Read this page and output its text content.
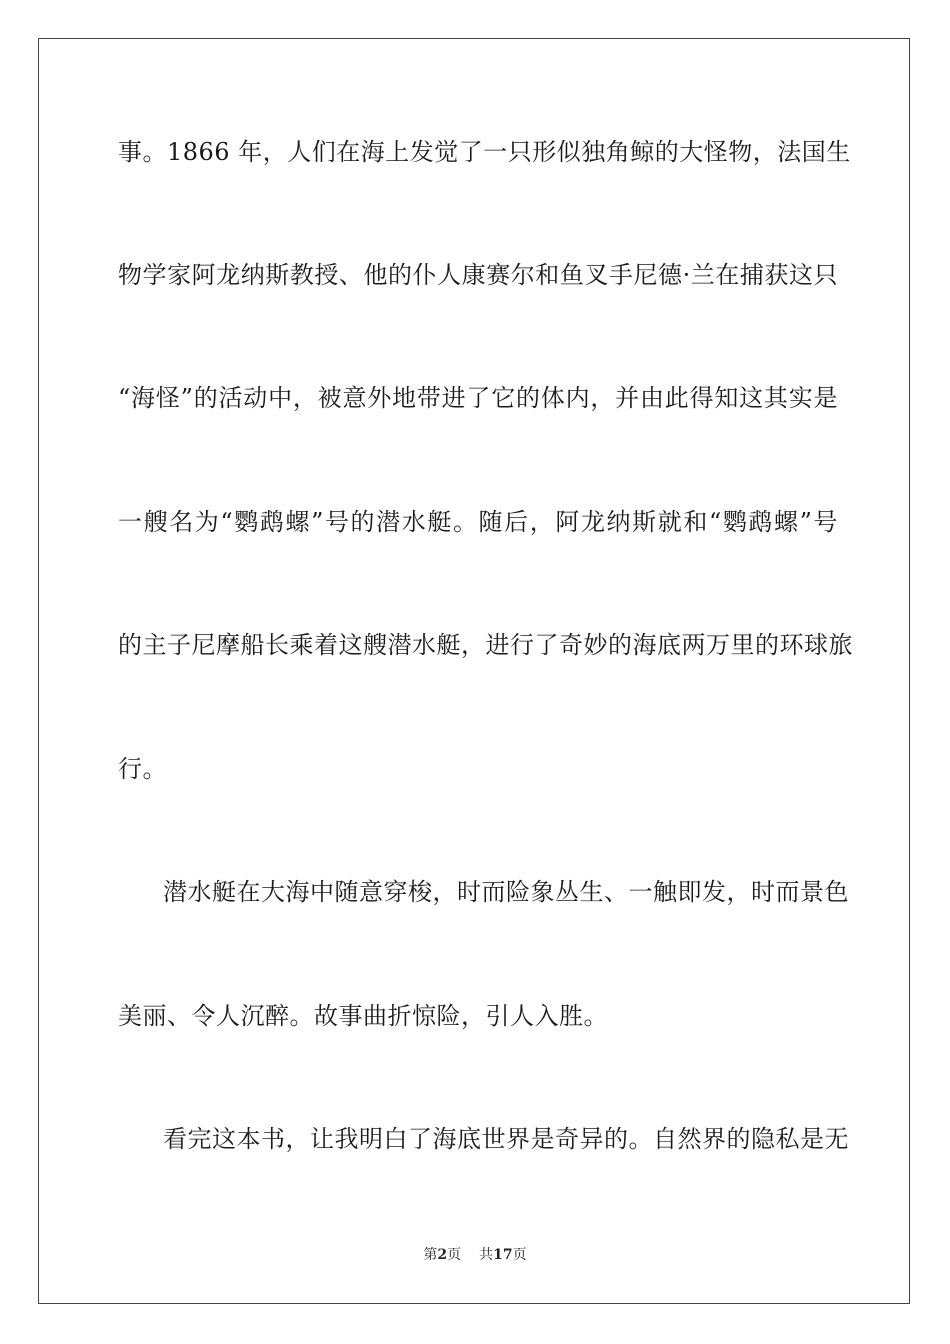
事。1866 年，人们在海上发觉了一只形似独角鲸的大怪物，法国生
物学家阿龙纳斯教授、他的仆人康赛尔和鱼叉手尼德·兰在捕获这只
“海怪”的活动中，被意外地带进了它的体内，并由此得知这其实是
一艘名为“鹦鹉螺”号的潜水艇。随后，阿龙纳斯就和“鹦鹉螺”号
的主子尼摩船长乘着这艘潜水艇，进行了奇妙的海底两万里的环球旅
行。
潜水艇在大海中随意穿梭，时而险象丛生、一触即发，时而景色
美丽、令人沉醉。故事曲折惊险，引人入胜。
看完这本书，让我明白了海底世界是奇异的。自然界的隐私是无
第2页 共17页
